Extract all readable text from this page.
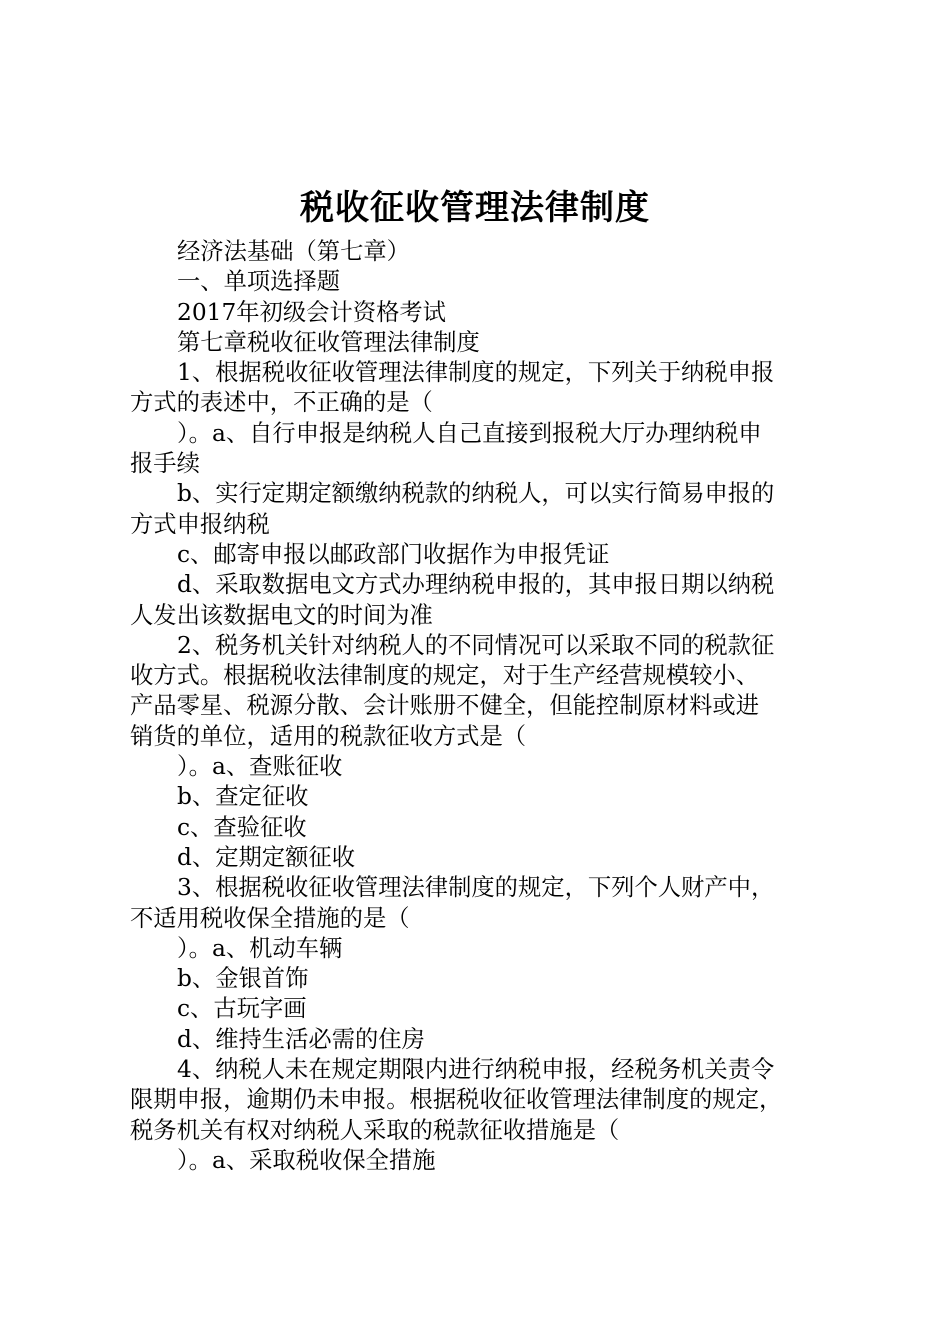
税收征收管理法律制度

经济法基础（第七章）

一、单项选择题

2017年初级会计资格考试

第七章税收征收管理法律制度

1、根据税收征收管理法律制度的规定，下列关于纳税申报

方式的表述中，不正确的是（

）。a、自行申报是纳税人自己直接到报税大厅办理纳税申

报手续

b、实行定期定额缴纳税款的纳税人，可以实行简易申报的

方式申报纳税

c、邮寄申报以邮政部门收据作为申报凭证

d、采取数据电文方式办理纳税申报的，其申报日期以纳税

人发出该数据电文的时间为准

2、税务机关针对纳税人的不同情况可以采取不同的税款征

收方式。根据税收法律制度的规定，对于生产经营规模较小、

产品零星、税源分散、会计账册不健全，但能控制原材料或进

销货的单位，适用的税款征收方式是（

）。a、查账征收

b、查定征收

c、查验征收

d、定期定额征收

3、根据税收征收管理法律制度的规定，下列个人财产中，

不适用税收保全措施的是（

）。a、机动车辆

b、金银首饰

c、古玩字画

d、维持生活必需的住房

4、纳税人未在规定期限内进行纳税申报，经税务机关责令

限期申报，逾期仍未申报。根据税收征收管理法律制度的规定，

税务机关有权对纳税人采取的税款征收措施是（

）。a、采取税收保全措施
